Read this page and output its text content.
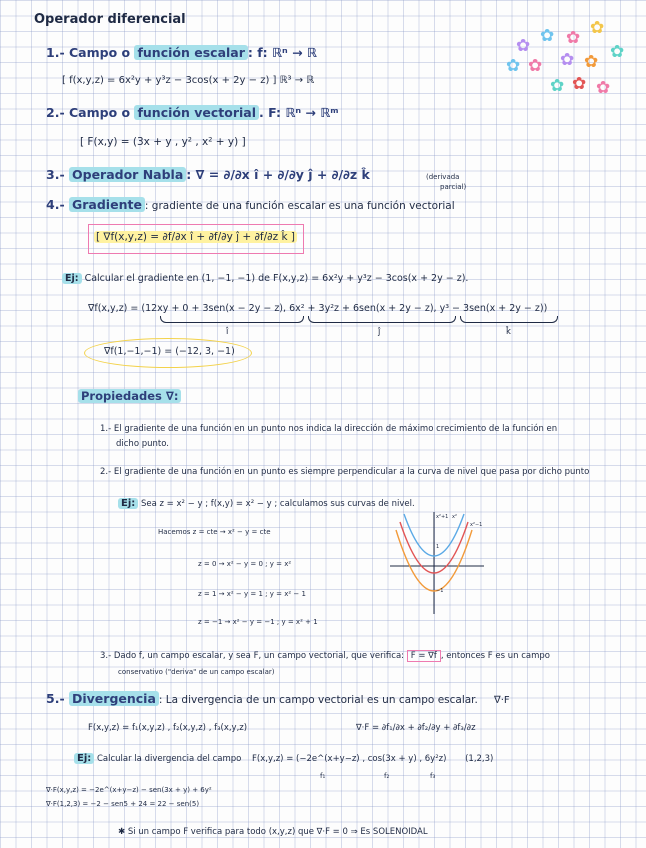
Operador diferencial
✿ ✿ ✿ ✿
✿
✿
✿ ✿ ✿
✿ ✿
✿
1.- Campo o función escalar : f: ℝⁿ → ℝ
[ f(x,y,z) = 6x²y + y³z − 3cos(x + 2y − z) ] ℝ³ → ℝ
2.- Campo o función vectorial . F: ℝⁿ → ℝᵐ
[ F(x,y) = (3x + y , y² , x² + y) ]
3.- Operador Nabla : ∇ = ∂/∂x î + ∂/∂y ĵ + ∂/∂z k̂	(derivada
parcial)
4.- Gradiente : gradiente de una función escalar es una función vectorial
[ ∇f(x,y,z) = ∂f/∂x î + ∂f/∂y ĵ + ∂f/∂z k̂ ]
Ej: Calcular el gradiente en (1, −1, −1) de F(x,y,z) = 6x²y + y³z − 3cos(x + 2y − z).
∇f(x,y,z) = (12xy + 0 + 3sen(x − 2y − z), 6x² + 3y²z + 6sen(x + 2y − z), y³ − 3sen(x + 2y − z))
î	ĵ	k̂
∇f(1,−1,−1) = (−12, 3, −1)
Propiedades ∇:
1.- El gradiente de una función en un punto nos indica la dirección de máximo crecimiento de la función en
dicho punto.
2.- El gradiente de una función en un punto es siempre perpendicular a la curva de nivel que pasa por dicho punto
Ej: Sea z = x² − y ; f(x,y) = x² − y ; calculamos sus curvas de nivel.
Hacemos z = cte → x² − y = cte
z = 0 → x² − y = 0 ; y = x²
z = 1 → x² − y = 1 ; y = x² − 1
z = −1 → x² − y = −1 ; y = x² + 1
x²+1 x²
x²−1
1
−1
3.- Dado f, un campo escalar, y sea F, un campo vectorial, que verifica: F = ∇f , entonces F es un campo
conservativo ("deriva" de un campo escalar)
5.- Divergencia : La divergencia de un campo vectorial es un campo escalar. ∇·F
F(x,y,z) = f₁(x,y,z) , f₂(x,y,z) , f₃(x,y,z)	∇·F = ∂f₁/∂x + ∂f₂/∂y + ∂f₃/∂z
Ej: Calcular la divergencia del campo F(x,y,z) = (−2e^(x+y−z) , cos(3x + y) , 6y²z) (1,2,3)
f₁	f₂	f₃
∇·F(x,y,z) = −2e^(x+y−z) − sen(3x + y) + 6y²
∇·F(1,2,3) = −2 − sen5 + 24 = 22 − sen(5)
✱ Si un campo F verifica para todo (x,y,z) que ∇·F = 0 ⇒ Es SOLENOIDAL
